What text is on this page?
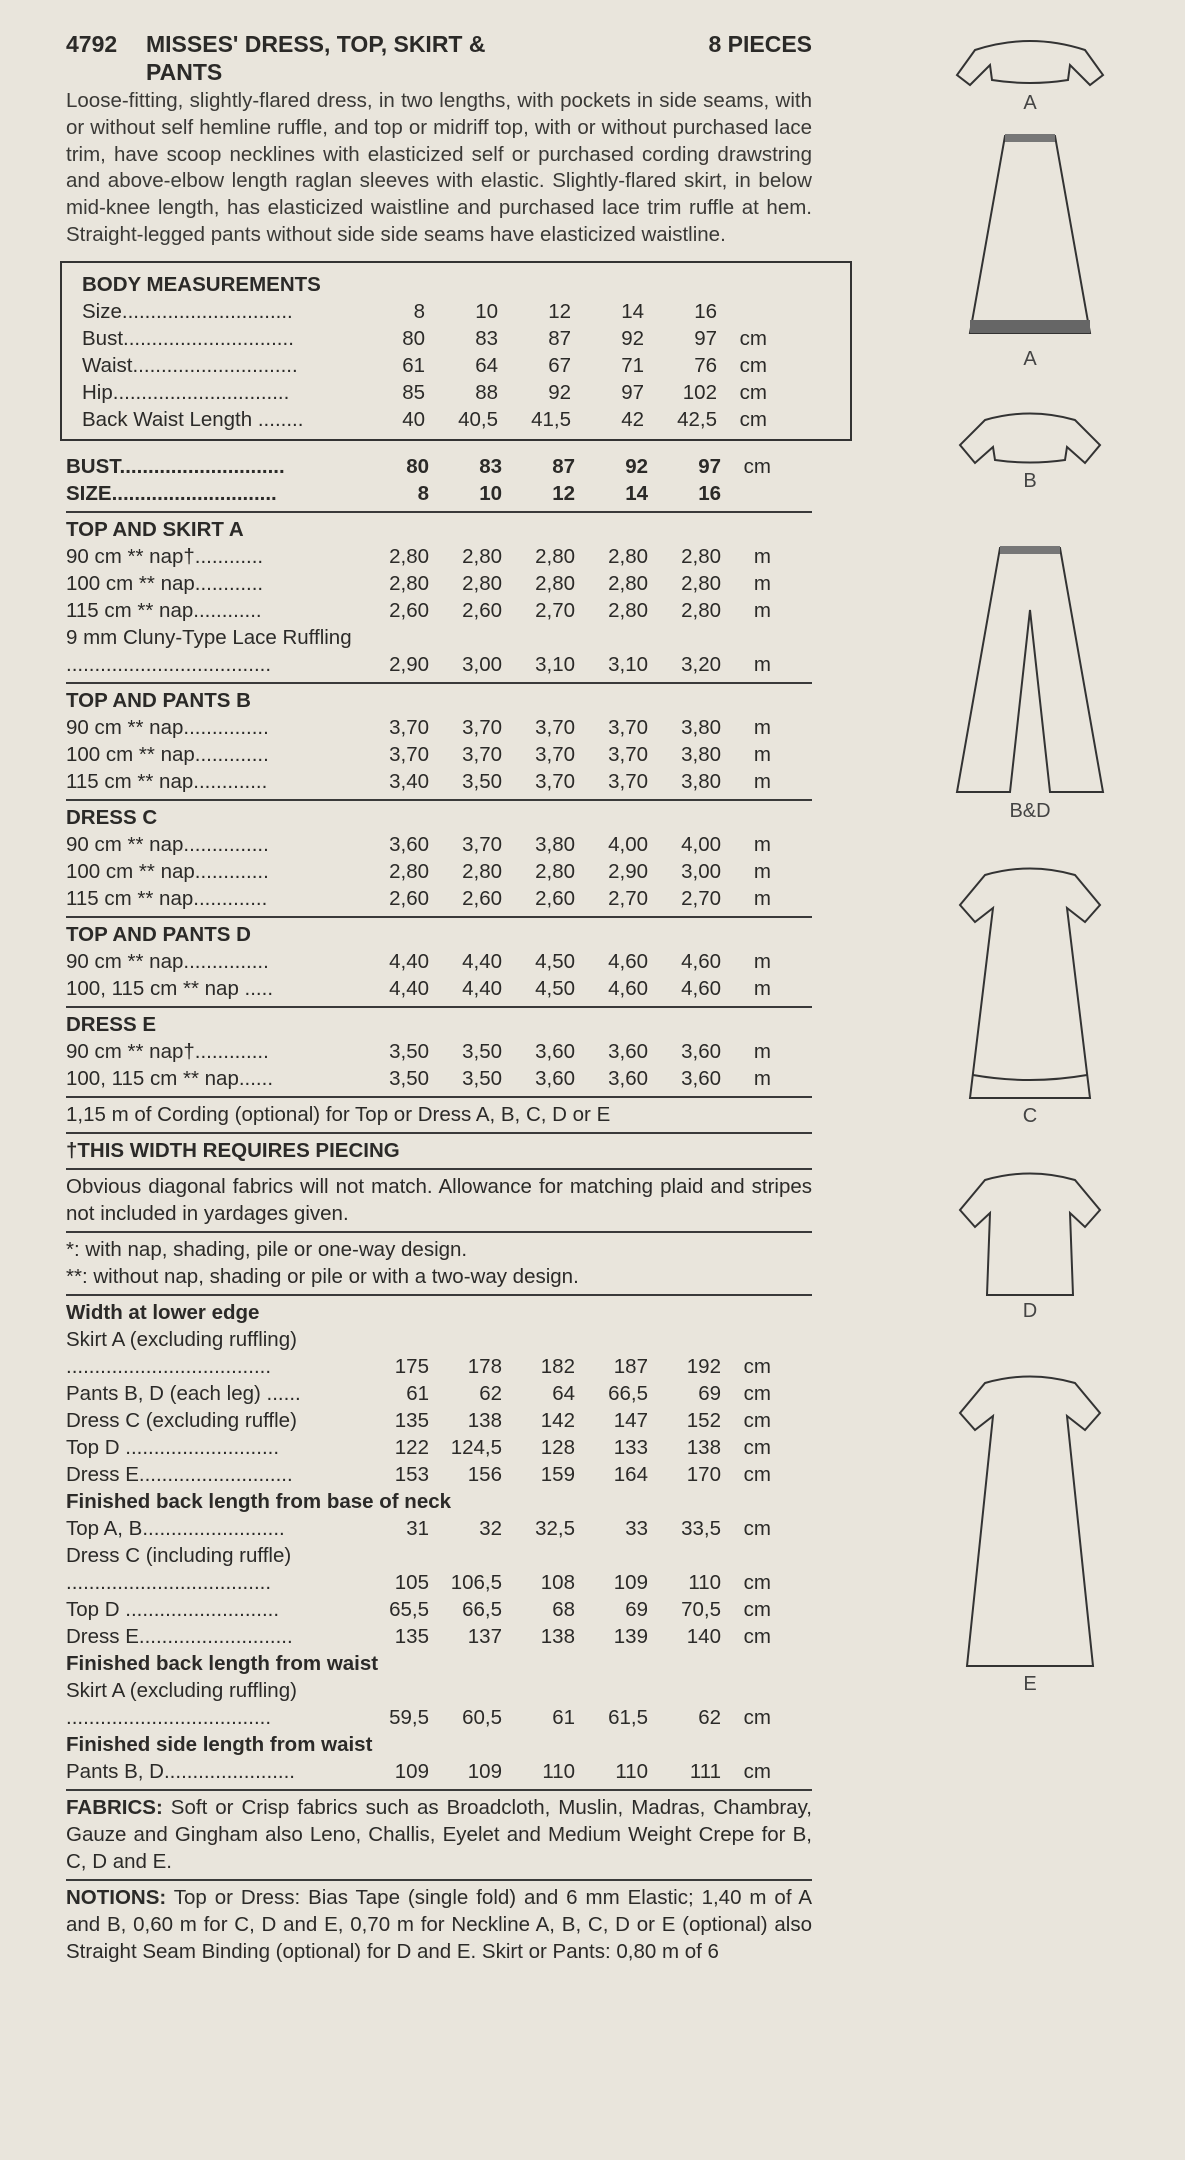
4792	MISSES' DRESS, TOP, SKIRT & PANTS
8 PIECES
Loose-fitting, slightly-flared dress, in two lengths, with pockets in side seams, with or without self hemline ruffle, and top or midriff top, with or without purchased lace trim, have scoop necklines with elasticized self or purchased cording drawstring and above-elbow length raglan sleeves with elastic. Slightly-flared skirt, in below mid-knee length, has elasticized waistline and purchased lace trim ruffle at hem. Straight-legged pants without side side seams have elasticized waistline.
BODY MEASUREMENTS
Size..............................	8	10	12	14	16
Bust..............................	80	83	87	92	97	cm
Waist.............................	61	64	67	71	76	cm
Hip...............................	85	88	92	97	102	cm
Back Waist Length ........	40	40,5	41,5	42	42,5	cm
BUST.............................	80	83	87	92	97	cm
SIZE.............................	8	10	12	14	16
TOP AND SKIRT A
90 cm ** nap†............	2,80	2,80	2,80	2,80	2,80	m
100 cm ** nap............	2,80	2,80	2,80	2,80	2,80	m
115 cm ** nap............	2,60	2,60	2,70	2,80	2,80	m
9 mm Cluny-Type Lace Ruffling
....................................	2,90	3,00	3,10	3,10	3,20	m
TOP AND PANTS B
90 cm ** nap...............	3,70	3,70	3,70	3,70	3,80	m
100 cm ** nap.............	3,70	3,70	3,70	3,70	3,80	m
115 cm ** nap.............	3,40	3,50	3,70	3,70	3,80	m
DRESS C
90 cm ** nap...............	3,60	3,70	3,80	4,00	4,00	m
100 cm ** nap.............	2,80	2,80	2,80	2,90	3,00	m
115 cm ** nap.............	2,60	2,60	2,60	2,70	2,70	m
TOP AND PANTS D
90 cm ** nap...............	4,40	4,40	4,50	4,60	4,60	m
100, 115 cm ** nap .....	4,40	4,40	4,50	4,60	4,60	m
DRESS E
90 cm ** nap†.............	3,50	3,50	3,60	3,60	3,60	m
100, 115 cm ** nap......	3,50	3,50	3,60	3,60	3,60	m
1,15 m of Cording (optional) for Top or Dress A, B, C, D or E
†THIS WIDTH REQUIRES PIECING
Obvious diagonal fabrics will not match. Allowance for matching plaid and stripes not included in yardages given.
*: with nap, shading, pile or one-way design.
**: without nap, shading or pile or with a two-way design.
Width at lower edge
Skirt A (excluding ruffling)
....................................	175	178	182	187	192	cm
Pants B, D (each leg) ......	61	62	64	66,5	69	cm
Dress C (excluding ruffle)	135	138	142	147	152	cm
Top D ...........................	122	124,5	128	133	138	cm
Dress E...........................	153	156	159	164	170	cm
Finished back length from base of neck
Top A, B.........................	31	32	32,5	33	33,5	cm
Dress C (including ruffle)
....................................	105	106,5	108	109	110	cm
Top D ...........................	65,5	66,5	68	69	70,5	cm
Dress E...........................	135	137	138	139	140	cm
Finished back length from waist
Skirt A (excluding ruffling)
....................................	59,5	60,5	61	61,5	62	cm
Finished side length from waist
Pants B, D.......................	109	109	110	110	111	cm
FABRICS: Soft or Crisp fabrics such as Broadcloth, Muslin, Madras, Chambray, Gauze and Gingham also Leno, Challis, Eyelet and Medium Weight Crepe for B, C, D and E.
NOTIONS: Top or Dress: Bias Tape (single fold) and 6 mm Elastic; 1,40 m of A and B, 0,60 m for C, D and E, 0,70 m for Neckline A, B, C, D or E (optional) also Straight Seam Binding (optional) for D and E. Skirt or Pants: 0,80 m of 6
A
A
B
B&D
C
D
E
